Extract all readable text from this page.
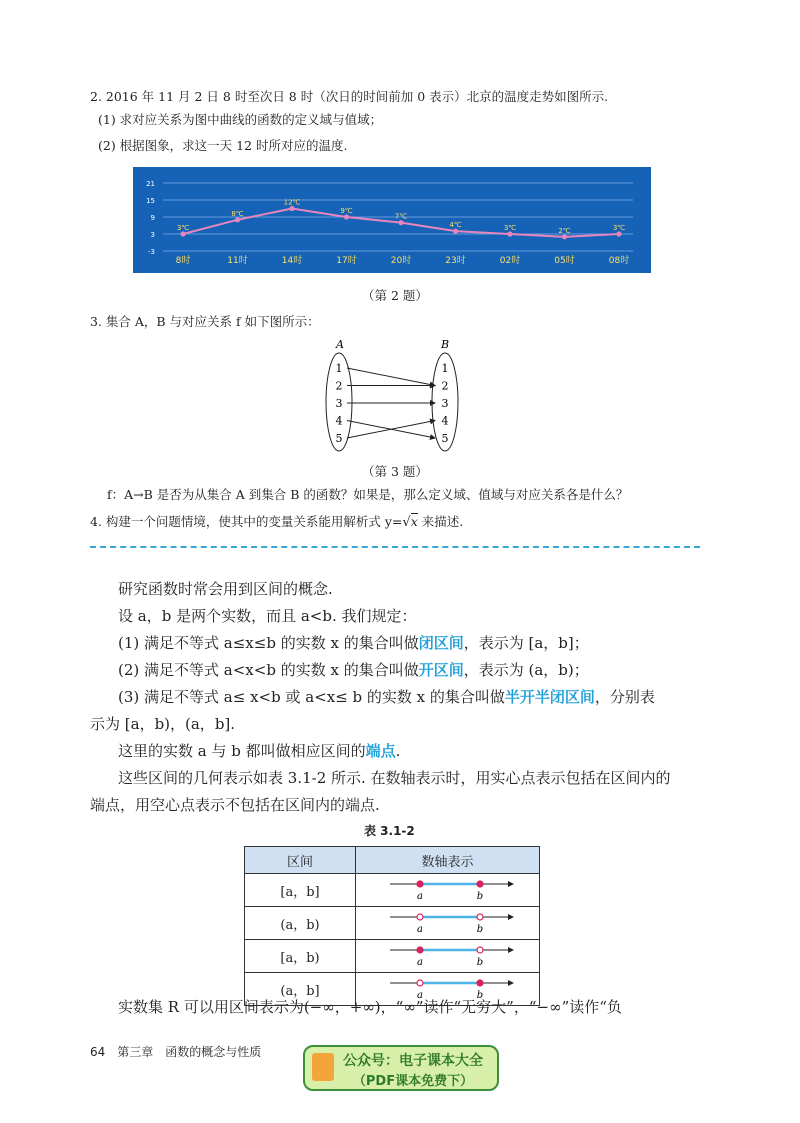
2. 2016 年 11 月 2 日 8 时至次日 8 时（次日的时间前加 0 表示）北京的温度走势如图所示.
(1) 求对应关系为图中曲线的函数的定义域与值域；
(2) 根据图象，求这一天 12 时所对应的温度.
21
15
9
3
-3
3℃
8时
8℃
11时
12℃
14时
9℃
17时
7℃
20时
4℃
23时
3℃
02时
2℃
05时
3℃
08时
（第 2 题）
3. 集合 A，B 与对应关系 f 如下图所示：
A	B
1
2
3
4
5
1
2
3
4
5
（第 3 题）
f：A→B 是否为从集合 A 到集合 B 的函数？如果是，那么定义域、值域与对应关系各是什么？
4. 构建一个问题情境，使其中的变量关系能用解析式 y=√x 来描述.
研究函数时常会用到区间的概念.
设 a，b 是两个实数，而且 a<b. 我们规定：
(1) 满足不等式 a≤x≤b 的实数 x 的集合叫做闭区间，表示为 [a，b]；
(2) 满足不等式 a<x<b 的实数 x 的集合叫做开区间，表示为 (a，b)；
(3) 满足不等式 a≤ x<b 或 a<x≤ b 的实数 x 的集合叫做半开半闭区间，分别表
示为 [a，b)，(a，b].
这里的实数 a 与 b 都叫做相应区间的端点.
这些区间的几何表示如表 3.1-2 所示. 在数轴表示时，用实心点表示包括在区间内的
端点，用空心点表示不包括在区间内的端点.
表 3.1-2
区间	数轴表示
[a，b]	a b

(a，b)	a b

[a，b)	a b

(a，b]	a b
实数集 R 可以用区间表示为(−∞，+∞)，“∞”读作“无穷大”，“−∞”读作“负
64　 第三章　函数的概念与性质
公众号：电子课本大全
（PDF课本免费下）
